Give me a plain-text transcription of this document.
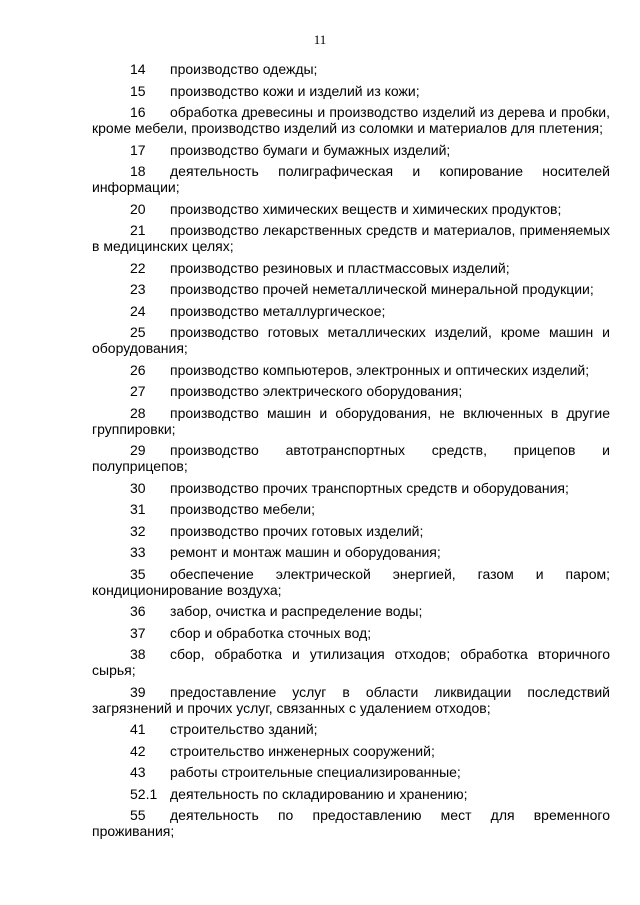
11

14 производство одежды;

15 производство кожи и изделий из кожи;

16 обработка древесины и производство изделий из дерева и пробки, кроме мебели, производство изделий из соломки и материалов для плетения;

17 производство бумаги и бумажных изделий;

18 деятельность полиграфическая и копирование носителей информации;

20 производство химических веществ и химических продуктов;

21 производство лекарственных средств и материалов, применяемых в медицинских целях;

22 производство резиновых и пластмассовых изделий;

23 производство прочей неметаллической минеральной продукции;

24 производство металлургическое;

25 производство готовых металлических изделий, кроме машин и оборудования;

26 производство компьютеров, электронных и оптических изделий;

27 производство электрического оборудования;

28 производство машин и оборудования, не включенных в другие группировки;

29 производство автотранспортных средств, прицепов и полуприцепов;

30 производство прочих транспортных средств и оборудования;

31 производство мебели;

32 производство прочих готовых изделий;

33 ремонт и монтаж машин и оборудования;

35 обеспечение электрической энергией, газом и паром; кондиционирование воздуха;

36 забор, очистка и распределение воды;

37 сбор и обработка сточных вод;

38 сбор, обработка и утилизация отходов; обработка вторичного сырья;

39 предоставление услуг в области ликвидации последствий загрязнений и прочих услуг, связанных с удалением отходов;

41 строительство зданий;

42 строительство инженерных сооружений;

43 работы строительные специализированные;

52.1 деятельность по складированию и хранению;

55 деятельность по предоставлению мест для временного проживания;
